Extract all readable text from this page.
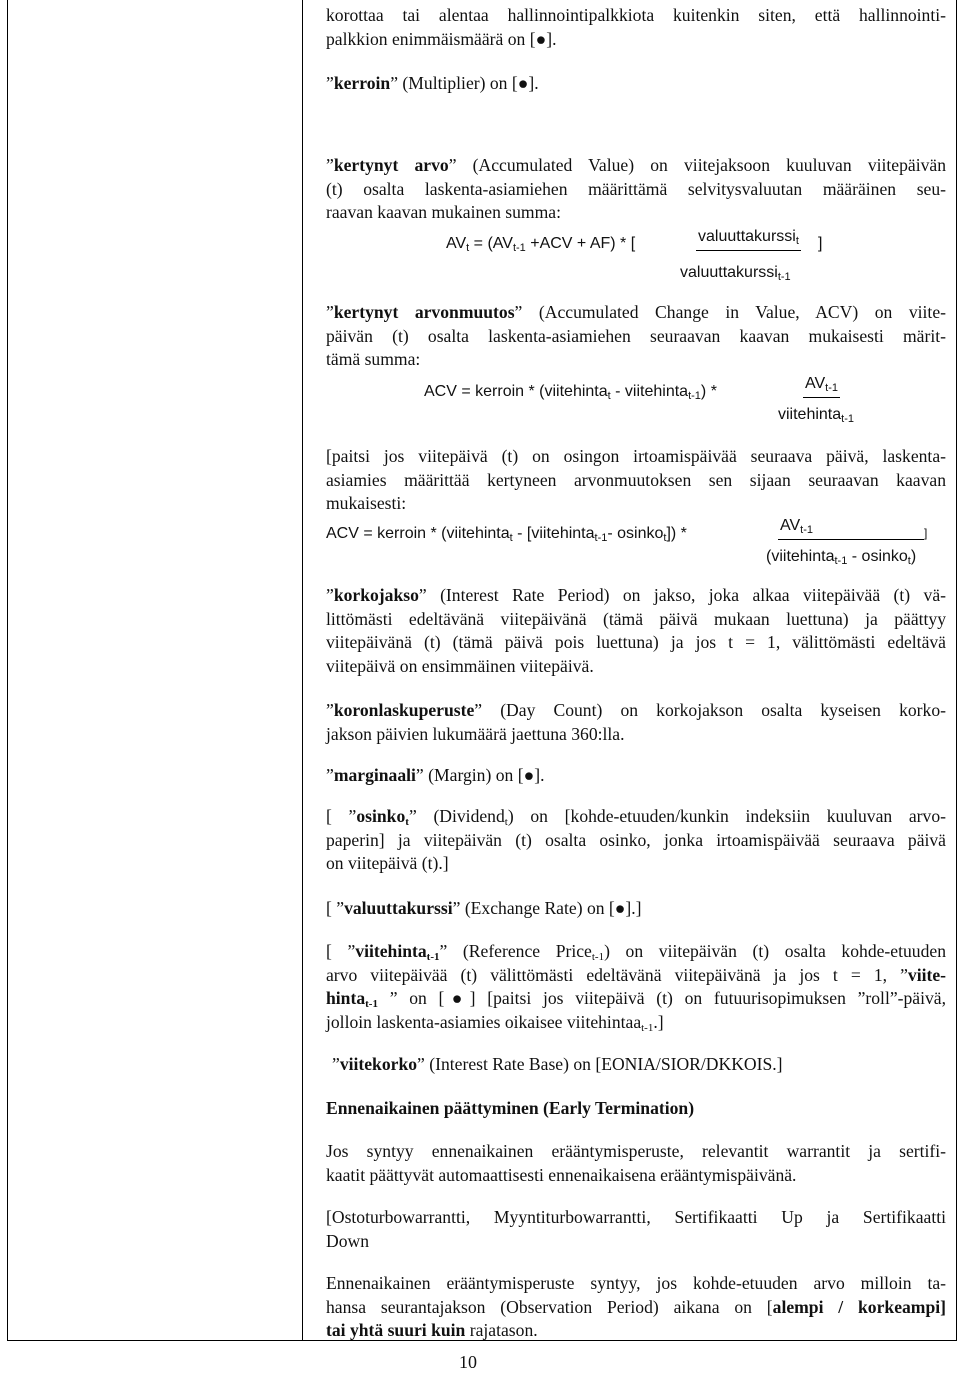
korottaa tai alentaa hallinnointipalkkiota kuitenkin siten, että hallinnointi-
palkkion enimmäismäärä on [●].
”kerroin” (Multiplier) on [●].
”kertynyt arvo” (Accumulated Value) on viitejaksoon kuuluvan viitepäivän
(t) osalta laskenta-asiamiehen määrittämä selvitysvaluutan määräinen seu-
raavan kaavan mukainen summa:
$AV_t = (AV_{t-1} +ACV + AF)$ * [	valuuttakurssi$_t$ ]
valuuttakurssi$_{t-1}$
”kertynyt arvonmuutos” (Accumulated Change in Value, ACV) on viite-
päivän (t) osalta laskenta-asiamiehen seuraavan kaavan mukaisesti märit-
tämä summa:
ACV = kerroin * (viitehinta$_t$ - viitehinta$_{t-1}$) *	$AV_{t-1}$
viitehinta$_{t-1}$
[paitsi jos viitepäivä (t) on osingon irtoamispäivää seuraava päivä, laskenta-
asiamies määrittää kertyneen arvonmuutoksen sen sijaan seuraavan kaavan
mukaisesti:
ACV = kerroin * (viitehinta$_t$ - [viitehinta$_{t-1}$- osinko$_t$]) *	$AV_{t-1}$	]
(viitehinta$_{t-1}$ - osinko$_t$)
”korkojakso” (Interest Rate Period) on jakso, joka alkaa viitepäivää (t) vä-
littömästi edeltävänä viitepäivänä (tämä päivä mukaan luettuna) ja päättyy
viitepäivänä (t) (tämä päivä pois luettuna) ja jos t = 1, välittömästi edeltävä
viitepäivä on ensimmäinen viitepäivä.
”koronlaskuperuste” (Day Count) on korkojakson osalta kyseisen korko-
jakson päivien lukumäärä jaettuna 360:lla.
”marginaali” (Margin) on [●].
[ ”osinko$_t$” (Dividend$_t$) on [kohde-etuuden/kunkin indeksiin kuuluvan arvo-
paperin] ja viitepäivän (t) osalta osinko, jonka irtoamispäivää seuraava päivä
on viitepäivä (t).]
[ ”valuuttakurssi” (Exchange Rate) on [●].]
[ ”viitehinta$_{t-1}$” (Reference Price$_{t-1}$) on viitepäivän (t) osalta kohde-etuuden
arvo viitepäivää (t) välittömästi edeltävänä viitepäivänä ja jos t = 1, ”viite-
hinta$_{t-1}$ ” on [●] [paitsi jos viitepäivä (t) on futuurisopimuksen ”roll”-päivä,
jolloin laskenta-asiamies oikaisee viitehintaa$_{t-1}$.]
”viitekorko” (Interest Rate Base) on [EONIA/SIOR/DKKOIS.]
Ennenaikainen päättyminen (Early Termination)
Jos syntyy ennenaikainen erääntymisperuste, relevantit warrantit ja sertifi-
kaatit päättyvät automaattisesti ennenaikaisena erääntymispäivänä.
[Ostoturbowarrantti, Myyntiturbowarrantti, Sertifikaatti Up ja Sertifikaatti
Down
Ennenaikainen erääntymisperuste syntyy, jos kohde-etuuden arvo milloin ta-
hansa seurantajakson (Observation Period) aikana on [alempi / korkeampi]
tai yhtä suuri kuin rajatason.
10
